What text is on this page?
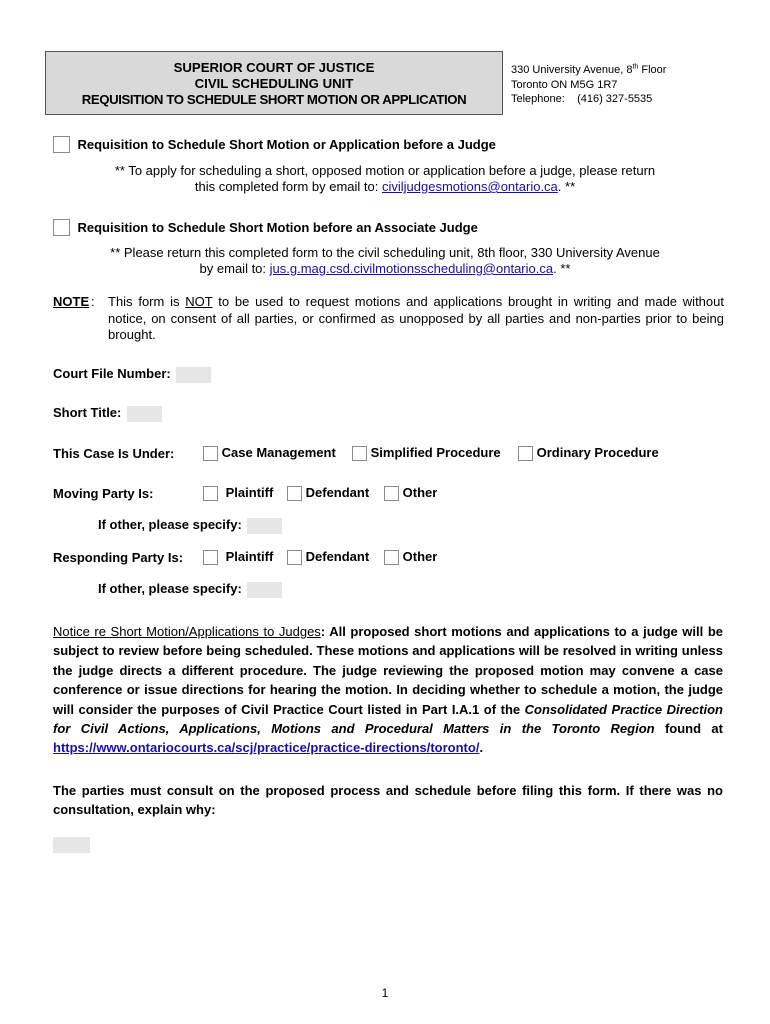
SUPERIOR COURT OF JUSTICE
CIVIL SCHEDULING UNIT
REQUISITION TO SCHEDULE SHORT MOTION OR APPLICATION
330 University Avenue, 8th Floor
Toronto ON M5G 1R7
Telephone: (416) 327-5535
Requisition to Schedule Short Motion or Application before a Judge
** To apply for scheduling a short, opposed motion or application before a judge, please return this completed form by email to: civiljudgesmotions@ontario.ca. **
Requisition to Schedule Short Motion before an Associate Judge
** Please return this completed form to the civil scheduling unit, 8th floor, 330 University Avenue by email to: jus.g.mag.csd.civilmotionsscheduling@ontario.ca. **
NOTE : This form is NOT to be used to request motions and applications brought in writing and made without notice, on consent of all parties, or confirmed as unopposed by all parties and non-parties prior to being brought.
Court File Number:
Short Title:
This Case Is Under:	Case Management	Simplified Procedure	Ordinary Procedure
Moving Party Is:	Plaintiff	Defendant	Other
If other, please specify:
Responding Party Is:	Plaintiff	Defendant	Other
If other, please specify:
Notice re Short Motion/Applications to Judges: All proposed short motions and applications to a judge will be subject to review before being scheduled. These motions and applications will be resolved in writing unless the judge directs a different procedure. The judge reviewing the proposed motion may convene a case conference or issue directions for hearing the motion. In deciding whether to schedule a motion, the judge will consider the purposes of Civil Practice Court listed in Part I.A.1 of the Consolidated Practice Direction for Civil Actions, Applications, Motions and Procedural Matters in the Toronto Region found at https://www.ontariocourts.ca/scj/practice/practice-directions/toronto/.
The parties must consult on the proposed process and schedule before filing this form. If there was no consultation, explain why:
1
